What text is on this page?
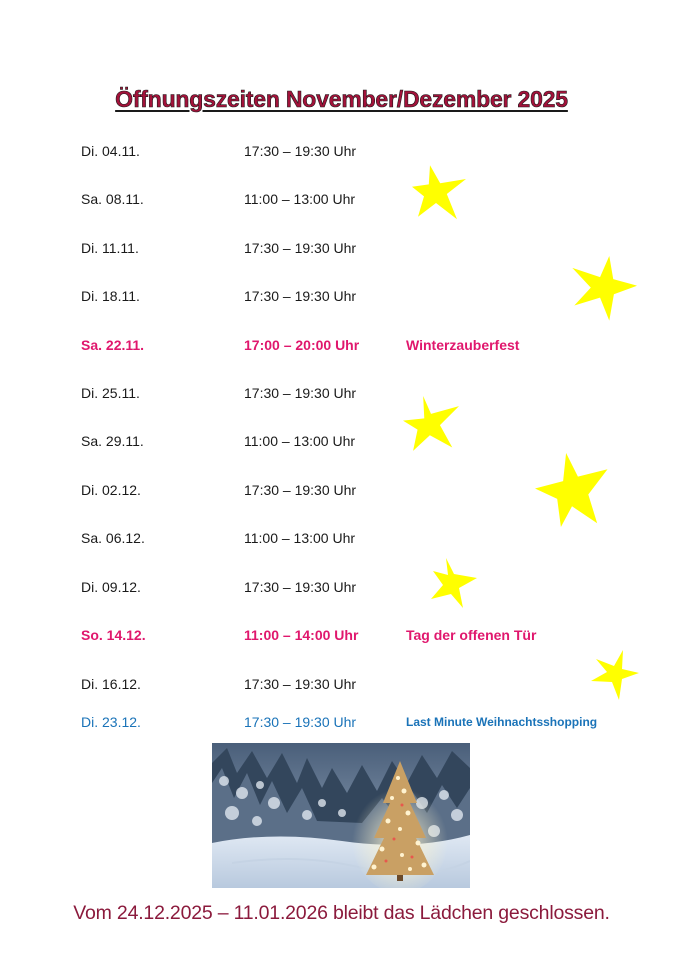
Öffnungszeiten November/Dezember 2025
Di. 04.11.	17:30 – 19:30 Uhr
Sa. 08.11.	11:00 – 13:00 Uhr
Di. 11.11.	17:30 – 19:30 Uhr
Di. 18.11.	17:30 – 19:30 Uhr
Sa. 22.11.	17:00 – 20:00 Uhr	Winterzauberfest
Di. 25.11.	17:30 – 19:30 Uhr
Sa. 29.11.	11:00 – 13:00 Uhr
Di. 02.12.	17:30 – 19:30 Uhr
Sa. 06.12.	11:00 – 13:00 Uhr
Di. 09.12.	17:30 – 19:30 Uhr
So. 14.12.	11:00 – 14:00 Uhr	Tag der offenen Tür
Di. 16.12.	17:30 – 19:30 Uhr
Di. 23.12.	17:30 – 19:30 Uhr	Last Minute Weihnachtsshopping
Vom 24.12.2025 – 11.01.2026 bleibt das Lädchen geschlossen.
